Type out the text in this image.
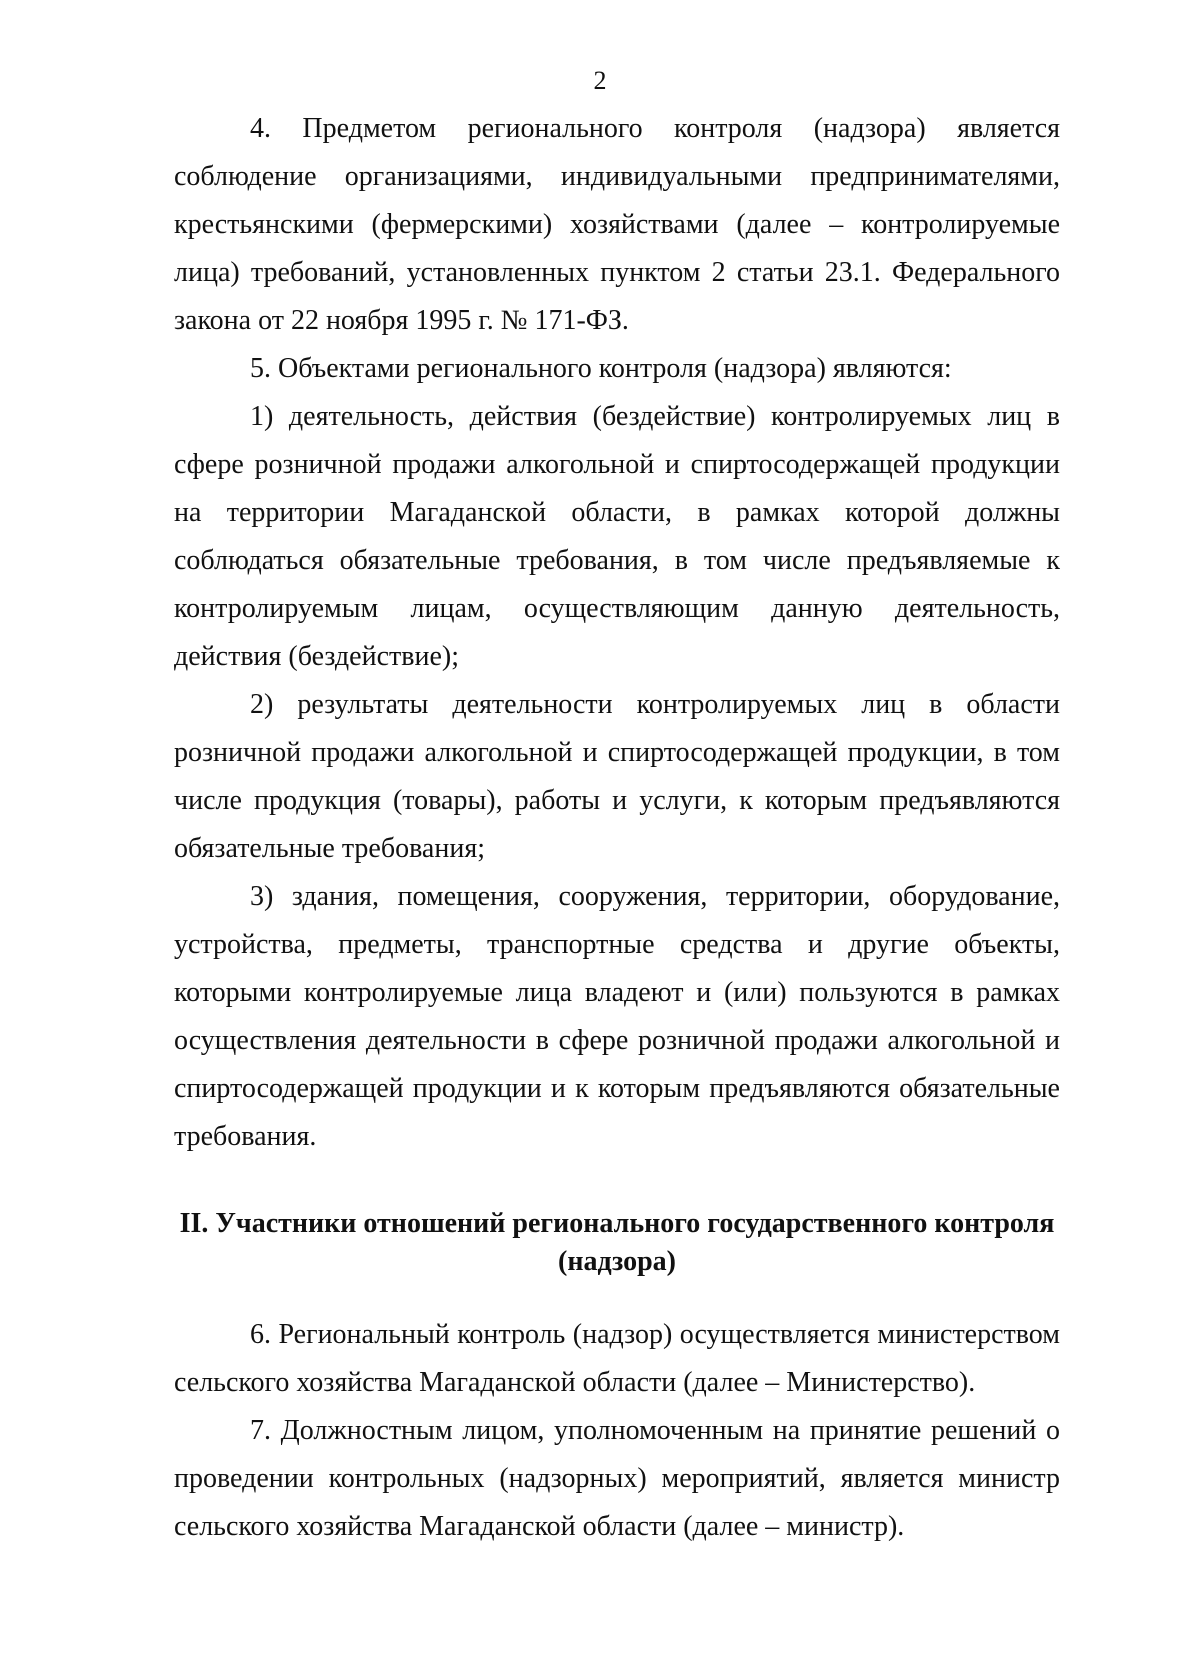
2

4. Предметом регионального контроля (надзора) является соблюдение организациями, индивидуальными предпринимателями, крестьянскими (фермерскими) хозяйствами (далее – контролируемые лица) требований, установленных пунктом 2 статьи 23.1. Федерального закона от 22 ноября 1995 г. № 171-ФЗ.

5. Объектами регионального контроля (надзора) являются:

1) деятельность, действия (бездействие) контролируемых лиц в сфере розничной продажи алкогольной и спиртосодержащей продукции на территории Магаданской области, в рамках которой должны соблюдаться обязательные требования, в том числе предъявляемые к контролируемым лицам, осуществляющим данную деятельность, действия (бездействие);

2) результаты деятельности контролируемых лиц в области розничной продажи алкогольной и спиртосодержащей продукции, в том числе продукция (товары), работы и услуги, к которым предъявляются обязательные требования;

3) здания, помещения, сооружения, территории, оборудование, устройства, предметы, транспортные средства и другие объекты, которыми контролируемые лица владеют и (или) пользуются в рамках осуществления деятельности в сфере розничной продажи алкогольной и спиртосодержащей продукции и к которым предъявляются обязательные требования.

II. Участники отношений регионального государственного контроля
(надзора)

6. Региональный контроль (надзор) осуществляется министерством сельского хозяйства Магаданской области (далее – Министерство).

7. Должностным лицом, уполномоченным на принятие решений о проведении контрольных (надзорных) мероприятий, является министр сельского хозяйства Магаданской области (далее – министр).
